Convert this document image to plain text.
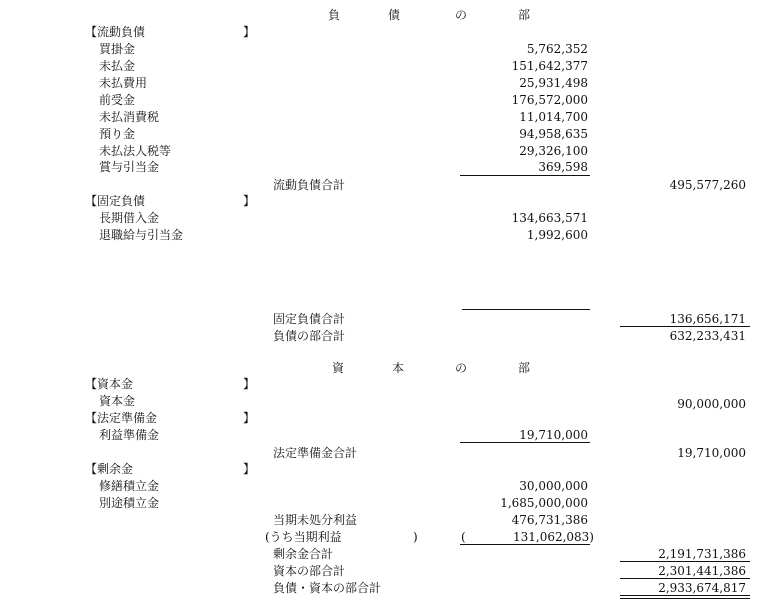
負	債	の	部
【流動負債	】
買掛金	5,762,352
未払金	151,642,377
未払費用	25,931,498
前受金	176,572,000
未払消費税	11,014,700
預り金	94,958,635
未払法人税等	29,326,100
賞与引当金	369,598
流動負債合計	495,577,260
【固定負債	】
長期借入金	134,663,571
退職給与引当金	1,992,600
固定負債合計	136,656,171
負債の部合計	632,233,431
資	本	の	部
【資本金	】
資本金	90,000,000
【法定準備金	】
利益準備金	19,710,000
法定準備金合計	19,710,000
【剰余金	】
修繕積立金	30,000,000
別途積立金	1,685,000,000
当期未処分利益	476,731,386
(うち当期利益	)	(	131,062,083)
剰余金合計	2,191,731,386
資本の部合計	2,301,441,386
負債・資本の部合計	2,933,674,817
